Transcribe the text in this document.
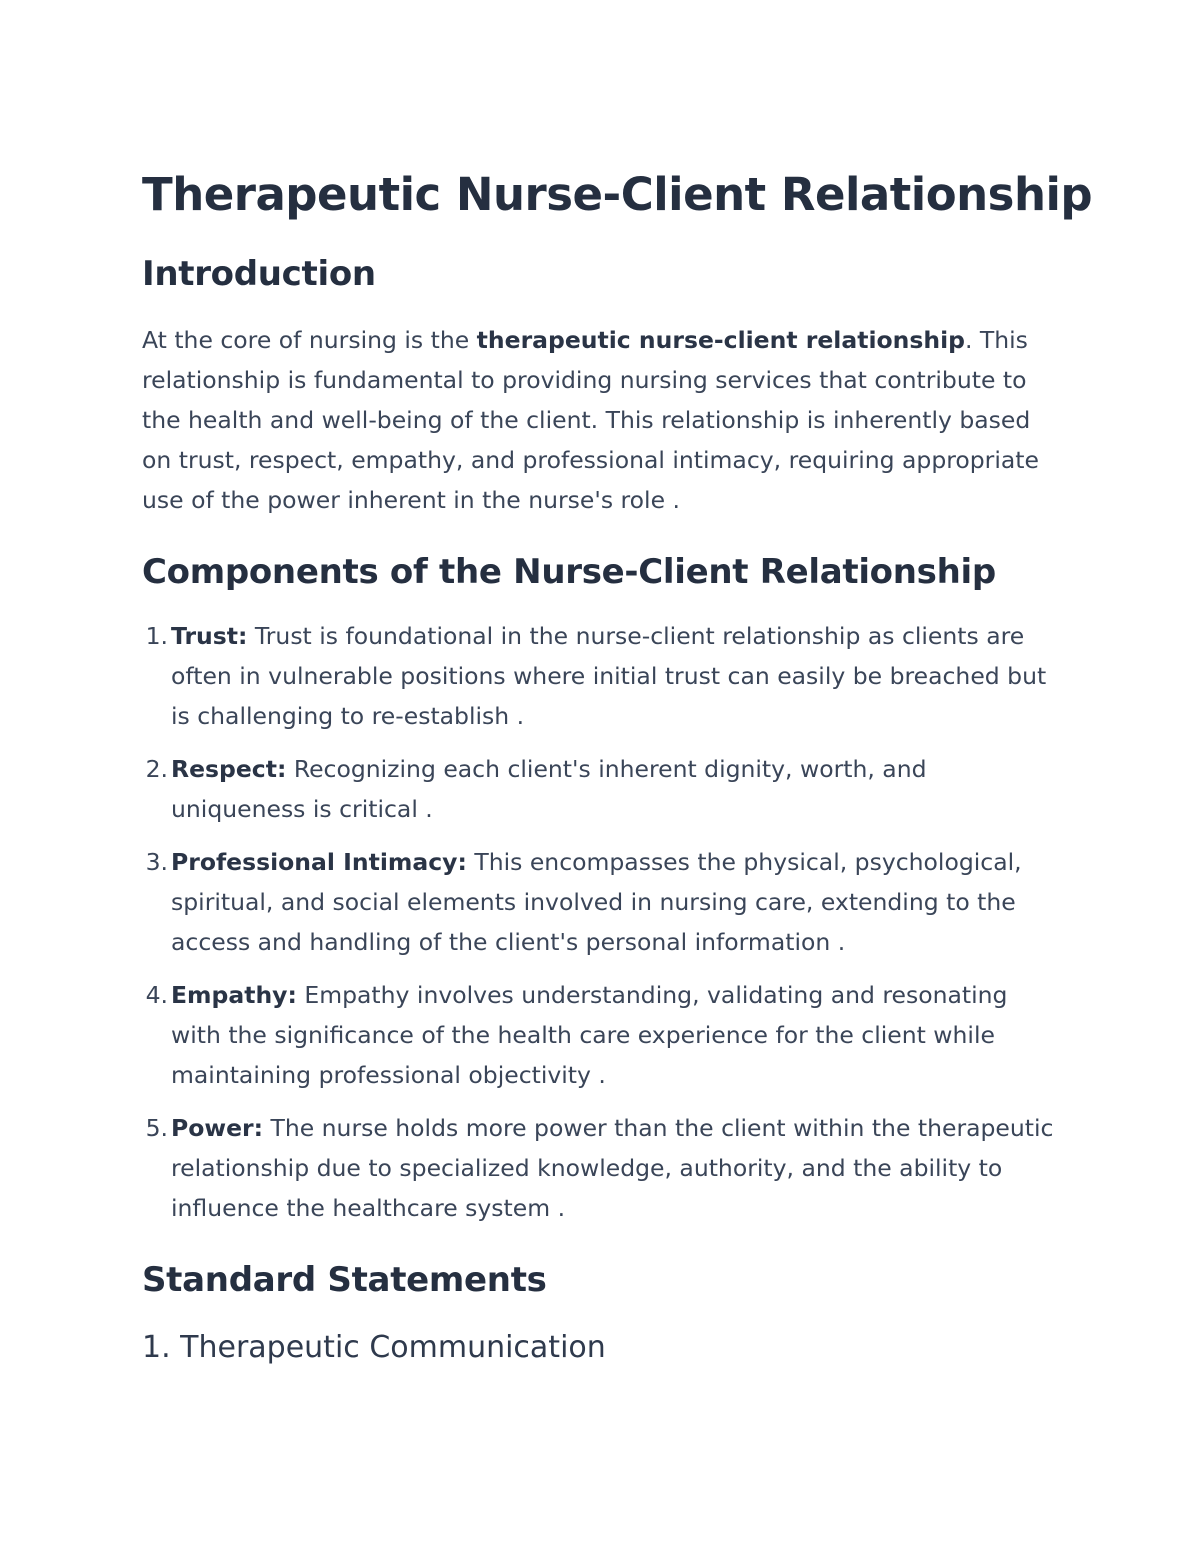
Therapeutic Nurse-Client Relationship
Introduction

At the core of nursing is the therapeutic nurse-client relationship. This relationship is fundamental to providing nursing services that contribute to the health and well-being of the client. This relationship is inherently based on trust, respect, empathy, and professional intimacy, requiring appropriate use of the power inherent in the nurse's role .

Components of the Nurse-Client Relationship
1. Trust: Trust is foundational in the nurse-client relationship as clients are often in vulnerable positions where initial trust can easily be breached but is challenging to re-establish .
2. Respect: Recognizing each client's inherent dignity, worth, and uniqueness is critical .
3. Professional Intimacy: This encompasses the physical, psychological, spiritual, and social elements involved in nursing care, extending to the access and handling of the client's personal information .
4. Empathy: Empathy involves understanding, validating and resonating with the significance of the health care experience for the client while maintaining professional objectivity .
5. Power: The nurse holds more power than the client within the therapeutic relationship due to specialized knowledge, authority, and the ability to influence the healthcare system .
Standard Statements
1. Therapeutic Communication
